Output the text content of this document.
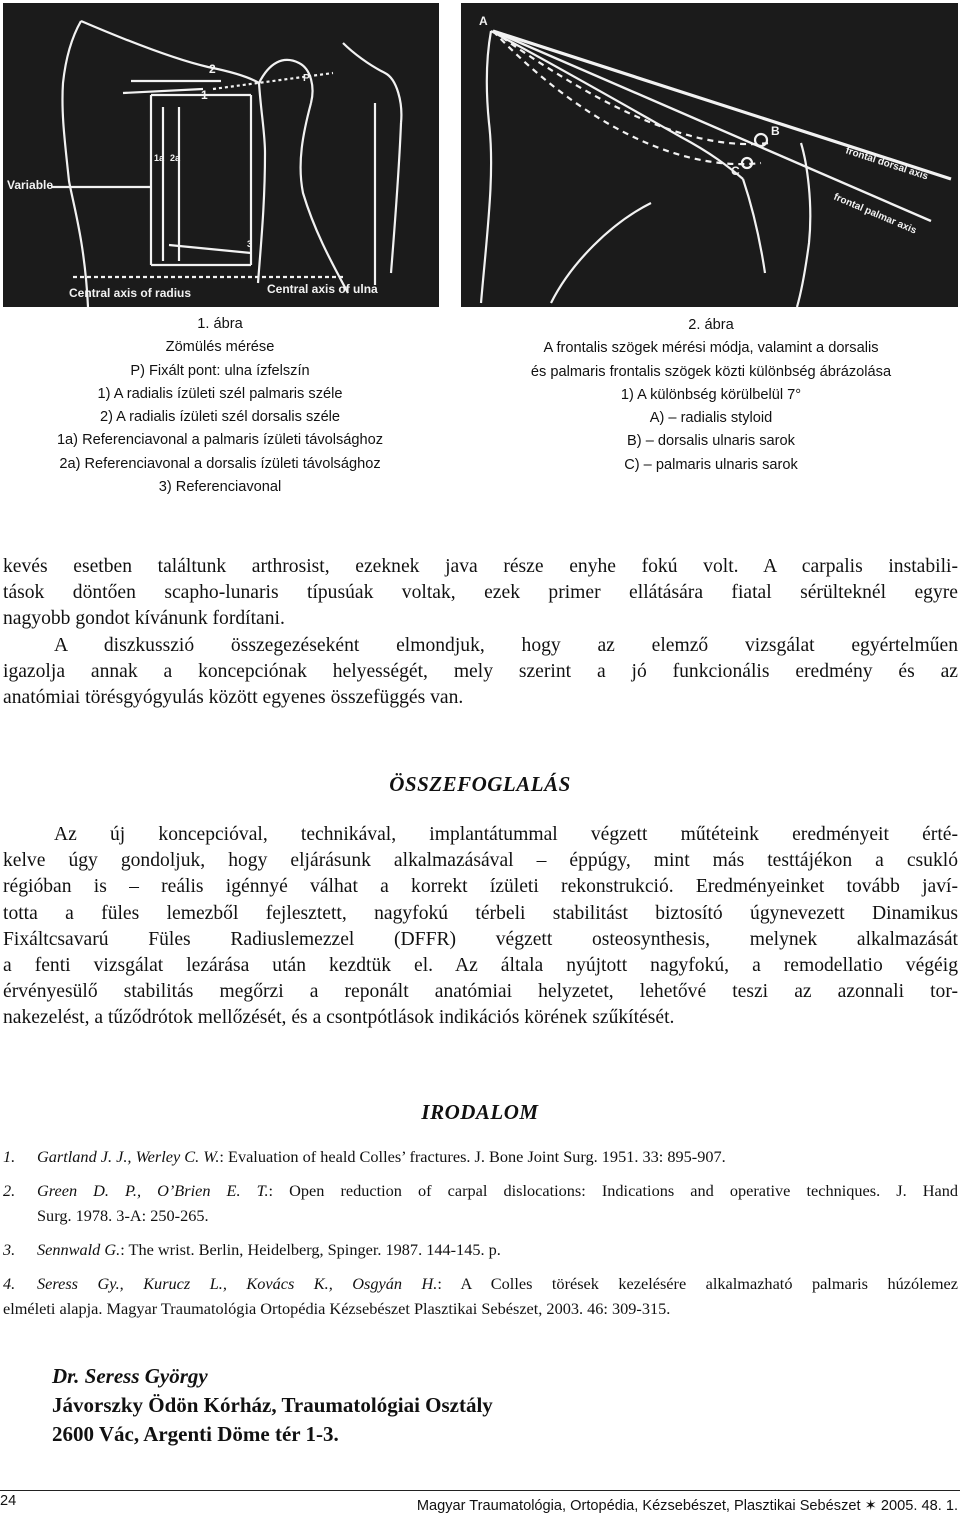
Variable
Central axis of radius	Central axis of ulna
2
1
P
1a 2a
3
A
B
C	frontal dorsal axis
frontal palmar axis
1. ábra
Zömülés mérése
P) Fixált pont: ulna ízfelszín
1) A radialis ízületi szél palmaris széle
2) A radialis ízületi szél dorsalis széle
1a) Referenciavonal a palmaris ízületi távolsághoz
2a) Referenciavonal a dorsalis ízületi távolsághoz
3) Referenciavonal
2. ábra
A frontalis szögek mérési módja, valamint a dorsalis
és palmaris frontalis szögek közti különbség ábrázolása
1) A különbség körülbelül 7°
A) – radialis styloid
B) – dorsalis ulnaris sarok
C) – palmaris ulnaris sarok
kevés esetben találtunk arthrosist, ezeknek java része enyhe fokú volt. A carpalis instabili-
tások döntően scapho-lunaris típusúak voltak, ezek primer ellátására fiatal sérülteknél egyre
nagyobb gondot kívánunk fordítani.
A diszkusszió összegezéseként elmondjuk, hogy az elemző vizsgálat egyértelműen
igazolja annak a koncepciónak helyességét, mely szerint a jó funkcionális eredmény és az
anatómiai törésgyógyulás között egyenes összefüggés van.
ÖSSZEFOGLALÁS
Az új koncepcióval, technikával, implantátummal végzett műtéteink eredményeit érté-
kelve úgy gondoljuk, hogy eljárásunk alkalmazásával – éppúgy, mint más testtájékon a csukló
régióban is – reális igénnyé válhat a korrekt ízületi rekonstrukció. Eredményeinket tovább javí-
totta a füles lemezből fejlesztett, nagyfokú térbeli stabilitást biztosító úgynevezett Dinamikus
Fixáltcsavarú Füles Radiuslemezzel (DFFR) végzett osteosynthesis, melynek alkalmazását
a fenti vizsgálat lezárása után kezdtük el. Az általa nyújtott nagyfokú, a remodellatio végéig
érvényesülő stabilitás megőrzi a reponált anatómiai helyzetet, lehetővé teszi az azonnali tor-
nakezelést, a tűződrótok mellőzését, és a csontpótlások indikációs körének szűkítését.
IRODALOM
1. Gartland J. J., Werley C. W.: Evaluation of heald Colles’ fractures. J. Bone Joint Surg. 1951. 33: 895-907.
2. Green D. P., O’Brien E. T.: Open reduction of carpal dislocations: Indications and operative techniques. J. Hand
Surg. 1978. 3-A: 250-265.
3. Sennwald G.: The wrist. Berlin, Heidelberg, Spinger. 1987. 144-145. p.
4. Seress Gy., Kurucz L., Kovács K., Osgyán H.: A Colles törések kezelésére alkalmazható palmaris húzólemez
elméleti alapja. Magyar Traumatológia Ortopédia Kézsebészet Plasztikai Sebészet, 2003. 46: 309-315.
Dr. Seress György
Jávorszky Ödön Kórház, Traumatológiai Osztály
2600 Vác, Argenti Döme tér 1-3.
24	Magyar Traumatológia, Ortopédia, Kézsebészet, Plasztikai Sebészet ✶ 2005. 48. 1.
